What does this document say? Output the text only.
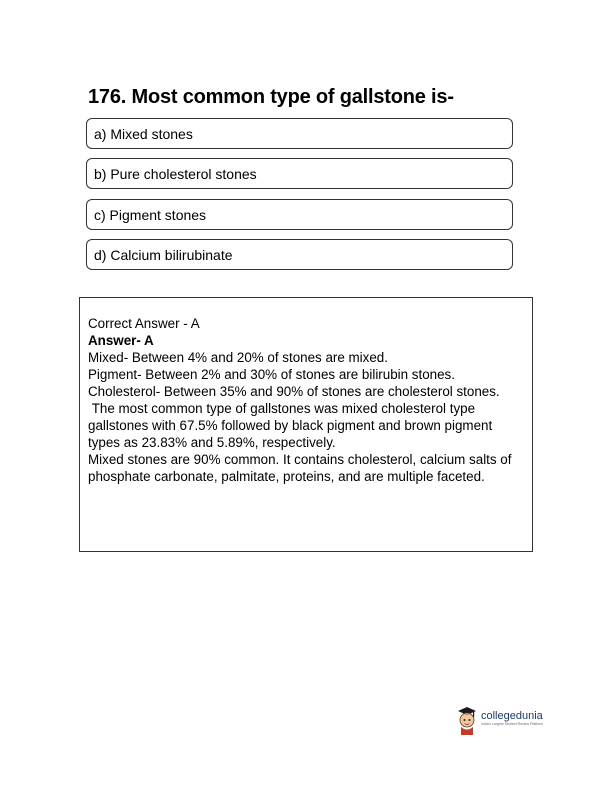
176. Most common type of gallstone is-
a) Mixed stones
b) Pure cholesterol stones
c) Pigment stones
d) Calcium bilirubinate
Correct Answer - A
Answer- A
Mixed- Between 4% and 20% of stones are mixed.
Pigment- Between 2% and 30% of stones are bilirubin stones.
Cholesterol- Between 35% and 90% of stones are cholesterol stones.
The most common type of gallstones was mixed cholesterol type gallstones with 67.5% followed by black pigment and brown pigment types as 23.83% and 5.89%, respectively.
Mixed stones are 90% common. It contains cholesterol, calcium salts of phosphate carbonate, palmitate, proteins, and are multiple faceted.
collegedunia
India's Largest Student Review Platform
